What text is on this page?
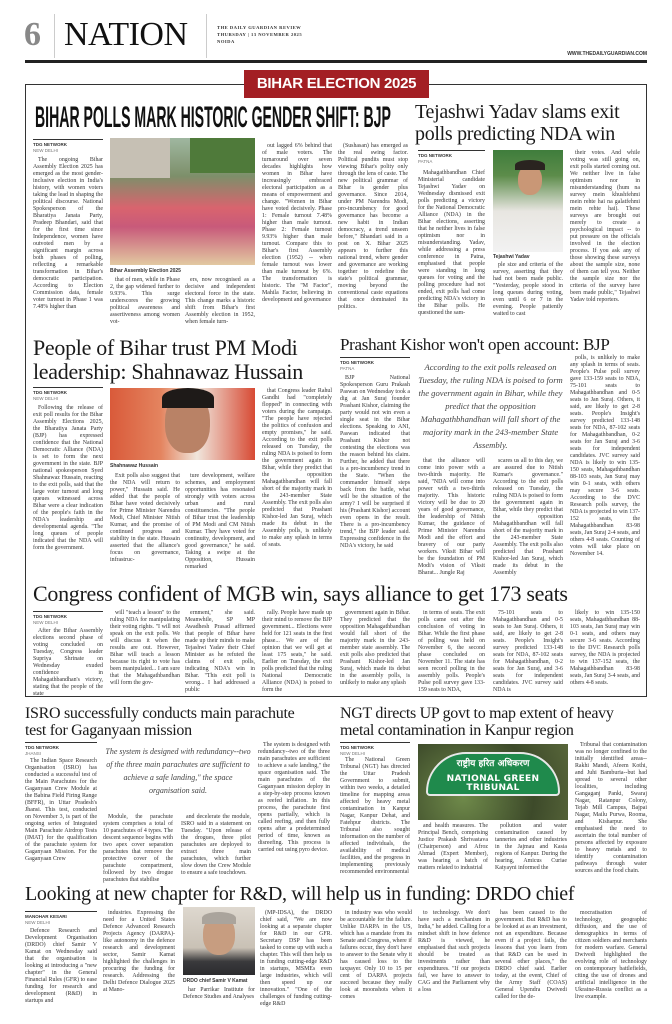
6 NATION	THE DAILY GUARDIAN REVIEW
THURSDAY | 13 NOVEMBER 2025
NOIDA
WWW.THEDAILYGUARDIAN.COM
BIHAR ELECTION 2025
BIHAR POLLS MARK HISTORIC GENDER SHIFT: BJP
TDG NETWORK
NEW DELHI
The ongoing Bihar Assembly Election 2025 has emerged as the most gender-inclusive election in India's history, with women voters taking the lead in shaping the political discourse. National Spokesperson of the Bharatiya Janata Party, Pradeep Bhandari, said that for the first time since Independence, women have outvoted men by a significant margin across both phases of polling, reflecting a remarkable transformation in Bihar's democratic participation. According to Election Commission data, female voter turnout in Phase 1 was 7.48% higher than
Bihar Assembly Election 2025
that of men, while in Phase 2, the gap widened further to 9.93%. This surge underscores the growing political awareness and assertiveness among women vot-
ers, now recognised as a decisive and independent electoral force in the state. This change marks a historic shift from Bihar's first Assembly election in 1952, when female turn-
out lagged 6% behind that of male voters. The turnaround over seven decades highlights how women in Bihar have increasingly embraced electoral participation as a means of empowerment and change. "Women in Bihar have voted decisively. Phase 1: Female turnout 7.48% higher than male turnout. Phase 2: Female turnout 9.93% higher than male turnout. Compare this to Bihar's first Assembly election (1952) -- when female turnout was lower than male turnout by 6%. The transformation is historic. The "M Factor", Mahila Factor, believing in development and governance
(Sushasan) has emerged as the real swing factor. Political pundits must stop viewing Bihar's polity only through the lens of caste. The new political grammar of Bihar is gender plus governance. Since 2014, under PM Narendra Modi, pro-incumbency for good governance has become a new habit in Indian democracy, a trend unseen before," Bhandari said in a post on X. Bihar 2025 appears to further this national trend, where gender and governance are working together to redefine the state's political grammar, moving beyond the conventional caste equations that once dominated its politics.
Tejashwi Yadav slams exit
polls predicting NDA win
TDG NETWORK
PATNA
Mahagathbandhan Chief Ministerial candidate Tejashwi Yadav on Wednesday dismissed exit polls predicting a victory for the National Democratic Alliance (NDA) in the Bihar elections, asserting that he neither lives in false optimism nor in misunderstanding. Yadav, while addressing a press conference in Patna, emphasised that people were standing in long queues for voting and the polling procedure had not ended, exit polls had come predicting NDA's victory in the Bihar polls. He questioned the sam-
Tejashwi Yadav
ple size and criteria of the survey, asserting that they had not been made public. "Yesterday, people stood in long queues during voting, even until 6 or 7 in the evening. People patiently waited to cast
their votes. And while voting was still going on, exit polls started coming out. We neither live in false optimism nor in misunderstanding (hum na survey mein khushfehmi mein rehte hai na galatfehmi mein rehte hai). These surveys are brought out merely to create a psychological impact -- to put pressure on the officials involved in the election process. If you ask any of those showing these surveys about the sample size, none of them can tell you. Neither the sample size nor the criteria of the survey have been made public," Tejashwi Yadav told reporters.
People of Bihar trust PM Modi
leadership: Shahnawaz Hussain
TDG NETWORK
NEW DELHI
Following the release of exit poll results for the Bihar Assembly Elections 2025, the Bharatiya Janata Party (BJP) has expressed confidence that the National Democratic Alliance (NDA) is set to form the next government in the state. BJP national spokesperson Syed Shahnawaz Hussain, reacting to the exit polls, said that the large voter turnout and long queues witnessed across Bihar were a clear indication of the people's faith in the NDA's leadership and developmental agenda. "The long queues of people indicated that the NDA will form the government.
Shahnawaz Hussain
Exit polls also suggest that the NDA will return to power," Hussain said. He added that the people of Bihar have voted decisively for Prime Minister Narendra Modi, Chief Minister Nitish Kumar, and the promise of continued progress and stability in the state. Hussain asserted that the alliance's focus on governance, infrastruc-
ture development, welfare schemes, and employment opportunities has resonated strongly with voters across urban and rural constituencies. "The people of Bihar trust the leadership of PM Modi and CM Nitish Kumar. They have voted for continuity, development, and good governance," he said. Taking a swipe at the Opposition, Hussain remarked
that Congress leader Rahul Gandhi had "completely flopped" in connecting with voters during the campaign. "The people have rejected the politics of confusion and empty promises," he said. According to the exit polls released on Tuesday, the ruling NDA is poised to form the government again in Bihar, while they predict that the opposition Mahagathbandhan will fall short of the majority mark in the 243-member State Assembly. The exit polls also predicted that Prashant Kishor-led Jan Suraj, which made its debut in the Assembly polls, is unlikely to make any splash in terms of seats.
Prashant Kishor won't open account: BJP
TDG NETWORK
PATNA	According to the exit polls released on Tuesday, the ruling NDA is poised to form the government again in Bihar, while they predict that the opposition Mahagathbhandhan will fall short of the majority mark in the 243-member State Assembly.
BJP National Spokesperson Guru Prakash Paswan on Wednesday took a dig at Jan Suraj founder Prashant Kishor, claiming the party would not win even a single seat in the Bihar elections. Speaking to ANI, Paswan indicated that Prashant Kishor not contesting the elections was the reason behind his claim. Further, he added that there is a pro-incumbency trend in the State. "When the commander himself steps back from the battle, what will be the situation of the army? I will be surprised if his (Prashant Kishor) account even opens in the result. There is a pro-incumbency trend," the BJP leader said. Expressing confidence in the NDA's victory, he said
that the alliance will come into power with a two-thirds majority. He said, "NDA will come into power with a two-thirds majority. This historic victory will be due to 20 years of good governance, the leadership of Nitish Kumar, the guidance of Prime Minister Narendra Modi and the effort and bravery of our party workers. Viksit Bihar will be the foundation of PM Modi's vision of Viksit Bharat... Jungle Raj
scares us all to this day, we are assured due to Nitish Kumar's governance." According to the exit polls released on Tuesday, the ruling NDA is poised to form the government again in Bihar, while they predict that the opposition Mahagathbandhan will fall short of the majority mark in the 243-member State Assembly. The exit polls also predicted that Prashant Kishor-led Jan Suraj, which made its debut in the Assembly
polls, is unlikely to make any splash in terms of seats. People's Pulse poll survey gave 133-159 seats to NDA, 75-101 seats to Mahagathbandhan and 0-5 seats to Jan Suraj. Others, it said, are likely to get 2-8 seats. People's Insight's survey predicted 133-148 seats for NDA, 87-102 seats for Mahagathbandhan, 0-2 seats for Jan Suraj and 3-6 seats for independent candidates. JVC survey said NDA is likely to win 135-150 seats, Mahagathbandhan 88-103 seats, Jan Suraj may win 0-1 seats, with others may secure 3-6 seats. According to the DVC Research polls survey, the NDA is projected to win 137-152 seats, the Mahagathbandhan 83-98 seats, Jan Suraj 2-4 seats, and others 4-8 seats. Counting of votes will take place on November 14.
Congress confident of MGB win, says alliance to get 173 seats
TDG NETWORK
NEW DELHI
After the Bihar Assembly elections second phase of voting concluded on Tuesday, Congress leader Supriya Shrinate on Wednesday exuded confidence in Mahagathbandhan's victory, stating that the people of the state
will "teach a lesson" to the ruling NDA for manipulating their voting rights. "I will not speak on the exit polls. We will discuss it when the results are out. However, Bihar will teach a lesson because its right to vote has been manipulated... I am sure that the Mahagathbandhan will form the gov-
ernment," she said. Meanwhile, SP MP Awadhesh Prasad affirmed that people of Bihar have made up their minds to make Tejashwi Yadav their Chief Minister as he refuted the claims of exit polls, indicating NDA's win in Bihar. "This exit poll is wrong... I had addressed a public
rally. People have made up their mind to remove the BJP government... Elections were held for 121 seats in the first phase... We are of the opinion that we will get at least 175 seats," he said. Earlier on Tuesday, the exit polls predicted that the ruling National Democratic Alliance (NDA) is poised to form the
government again in Bihar. They predicted that the opposition Mahagathbandhan would fall short of the majority mark in the 243-member state assembly. The exit polls also predicted that Prashant Kishor-led Jan Suraj, which made its debut in the assembly polls, is unlikely to make any splash
in terms of seats. The exit polls came out after the conclusion of voting in Bihar. While the first phase of polling was held on November 6, the second phase concluded on November 11. The state has seen record polling in the assembly polls. People's Pulse poll survey gave 133-159 seats to NDA,
75-101 seats to Mahagathbandhan and 0-5 seats to Jan Suraj. Others, it said, are likely to get 2-8 seats. People's Insight's survey predicted 133-148 seats for NDA, 87-102 seats for Mahagathbandhan, 0-2 seats for Jan Suraj, and 3-6 seats for independent candidates. JVC survey said NDA is
likely to win 135-150 seats, Mahagathbandhan 88-103 seats, Jan Suraj may win 0-1 seats, and others may secure 3-6 seats. According to the DVC Research polls survey, the NDA is projected to win 137-152 seats, the Mahagathbandhan 83-98 seats, Jan Suraj 3-4 seats, and others 4-8 seats.
ISRO successfully conducts main parachute
test for Gaganyaan mission
TDG NETWORK
JHANSI	The system is designed with redundancy--two of the three main parachutes are sufficient to achieve a safe landing," the space organisation said.
The Indian Space Research Organisation (ISRO) has conducted a successful test of the Main Parachutes for the Gaganyaan Crew Module at the Babina Field Firing Range (BFFR), in Uttar Pradesh's Jhansi. This test, conducted on November 3, is part of the ongoing series of Integrated Main Parachute Airdrop Tests (IMAT) for the qualification of the parachute system for Gaganyaan Mission. For the Gaganyaan Crew
Module, the parachute system comprises a total of 10 parachutes of 4 types. The descent sequence begins with two apex cover separation parachutes that remove the protective cover of the parachute compartment, followed by two drogue parachutes that stabilise
and decelerate the module, ISRO said in a statement on Tuesday. "Upon release of the drogues, three pilot parachutes are deployed to extract three main parachutes, which further slow down the Crew Module to ensure a safe touchdown.
The system is designed with redundancy--two of the three main parachutes are sufficient to achieve a safe landing," the space organisation said. The main parachutes of the Gaganyaan mission deploy in a step-by-step process known as reefed inflation. In this process, the parachute first opens partially, which is called reefing, and then fully opens after a predetermined period of time, known as disreefing. This process is carried out using pyro device.
NGT directs UP govt to map extent of heavy
metal contamination in Kanpur region
TDG NETWORK
NEW DELHI
The National Green Tribunal (NGT) has directed the Uttar Pradesh Government to submit, within two weeks, a detailed timeline for mapping areas affected by heavy metal contamination in Kanpur Nagar, Kanpur Dehat, and Fatehpur districts. The Tribunal also sought information on the number of affected individuals, the availability of medical facilities, and the progress in implementing previously recommended environmental
राष्ट्रीय हरित अधिकरण
NATIONAL GREEN TRIBUNAL
and health measures. The Principal Bench, comprising Justice Prakash Shrivastava (Chairperson) and Afroz Ahmad (Expert Member), was hearing a batch of matters related to industrial
pollution and water contamination caused by tanneries and other industries in the Jajmau and Kasia regions of Kanpur. During the hearing, Amicus Curiae Katyayni informed the
Tribunal that contamination was no longer confined to the initially identified areas--Rakhi Mandi, Afeem Kothi, and Juhi Bamburia--but had spread to several other localities, including Gangaganj Panki, Swaraj Nagar, Ratanpur Colony, Tejab Mill Campus, Bajpai Nagar, Mailu Purwa, Rooma, and Kisharpur. She emphasised the need to ascertain the total number of persons affected by exposure to heavy metals and to identify contamination pathways through water sources and the food chain.
Looking at new chapter for R&D, will help us in funding: DRDO chief
MANOHAR KESARI
NEW DELHI
Defence Research and Development Organisation (DRDO) chief Samir V Kamat on Wednesday said that the organisation is looking at introducing a "new chapter" in the General Financial Rules (GFR) to ease funding for research and development (R&D) in startups and
industries. Expressing the need for a United States Defence Advanced Research Projects Agency (DARPA)-like autonomy in the defence research and development sector, Samir Kamat highlighted the challenges in procuring the funding for research. Addressing the Delhi Defence Dialogue 2025 at Mano-
DRDO chief Samir V Kamat
har Parrikar Institute for Defence Studies and Analyses
(MP-IDSA), the DRDO chief said, "We are now looking at a separate chapter for R&D in our GFR. Secretary DSP has been tasked to come up with such a chapter. This will then help us in funding cutting-edge R&D in startups, MSMEs even large industries, which will then speed up our innovation." "One of the challenges of funding cutting-edge R&D
in industry was who would be accountable for the failure. Unlike DARPA in the US, which has a mandate from its Senate and Congress, where if failures occur, they don't have to answer to the Senate why it has caused loss to the taxpayer. Only 10 to 15 per cent of DARPA projects succeed because they really look at moonshots when it comes
to technology. We don't have such a mechanism in India," he added. Calling for a mindset shift in how defence R&D is viewed, he emphasised that such projects should be treated as investments rather than expenditures. "If our projects fail, we have to answer to CAG and the Parliament why a loss
has been caused to the government. But R&D has to be looked at as an investment, not an expenditure. Because even if a project fails, the lessons that you learn from that R&D can be used in several other places," the DRDO chief said. Earlier today, at the event, Chief of the Army Staff (COAS) General Upendra Dwivedi called for the de-
mocratisation of technology, geographic diffusion, and the use of demographics in terms of citizen soldiers and merchants for modern warfare. General Dwivedi highlighted the evolving role of technology on contemporary battlefields, citing the use of drones and artificial intelligence in the Ukraine-Russia conflict as a live example.
